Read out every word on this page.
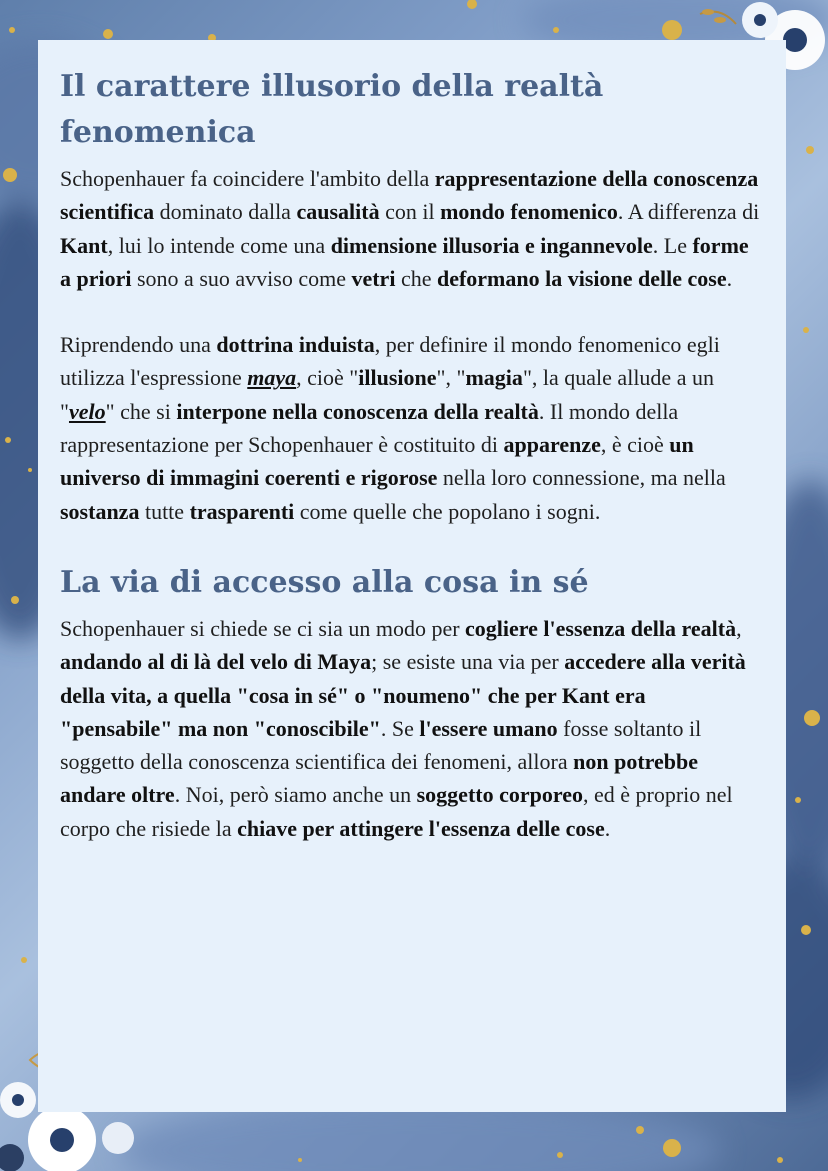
Il carattere illusorio della realtà fenomenica

Schopenhauer fa coincidere l'ambito della rappresentazione della conoscenza scientifica dominato dalla causalità con il mondo fenomenico. A differenza di Kant, lui lo intende come una dimensione illusoria e ingannevole. Le forme a priori sono a suo avviso come vetri che deformano la visione delle cose.

Riprendendo una dottrina induista, per definire il mondo fenomenico egli utilizza l'espressione maya, cioè "illusione", "magia", la quale allude a un "velo" che si interpone nella conoscenza della realtà. Il mondo della rappresentazione per Schopenhauer è costituito di apparenze, è cioè un universo di immagini coerenti e rigorose nella loro connessione, ma nella sostanza tutte trasparenti come quelle che popolano i sogni.

La via di accesso alla cosa in sé

Schopenhauer si chiede se ci sia un modo per cogliere l'essenza della realtà, andando al di là del velo di Maya; se esiste una via per accedere alla verità della vita, a quella "cosa in sé" o "noumeno" che per Kant era "pensabile" ma non "conoscibile". Se l'essere umano fosse soltanto il soggetto della conoscenza scientifica dei fenomeni, allora non potrebbe andare oltre. Noi, però siamo anche un soggetto corporeo, ed è proprio nel corpo che risiede la chiave per attingere l'essenza delle cose.
